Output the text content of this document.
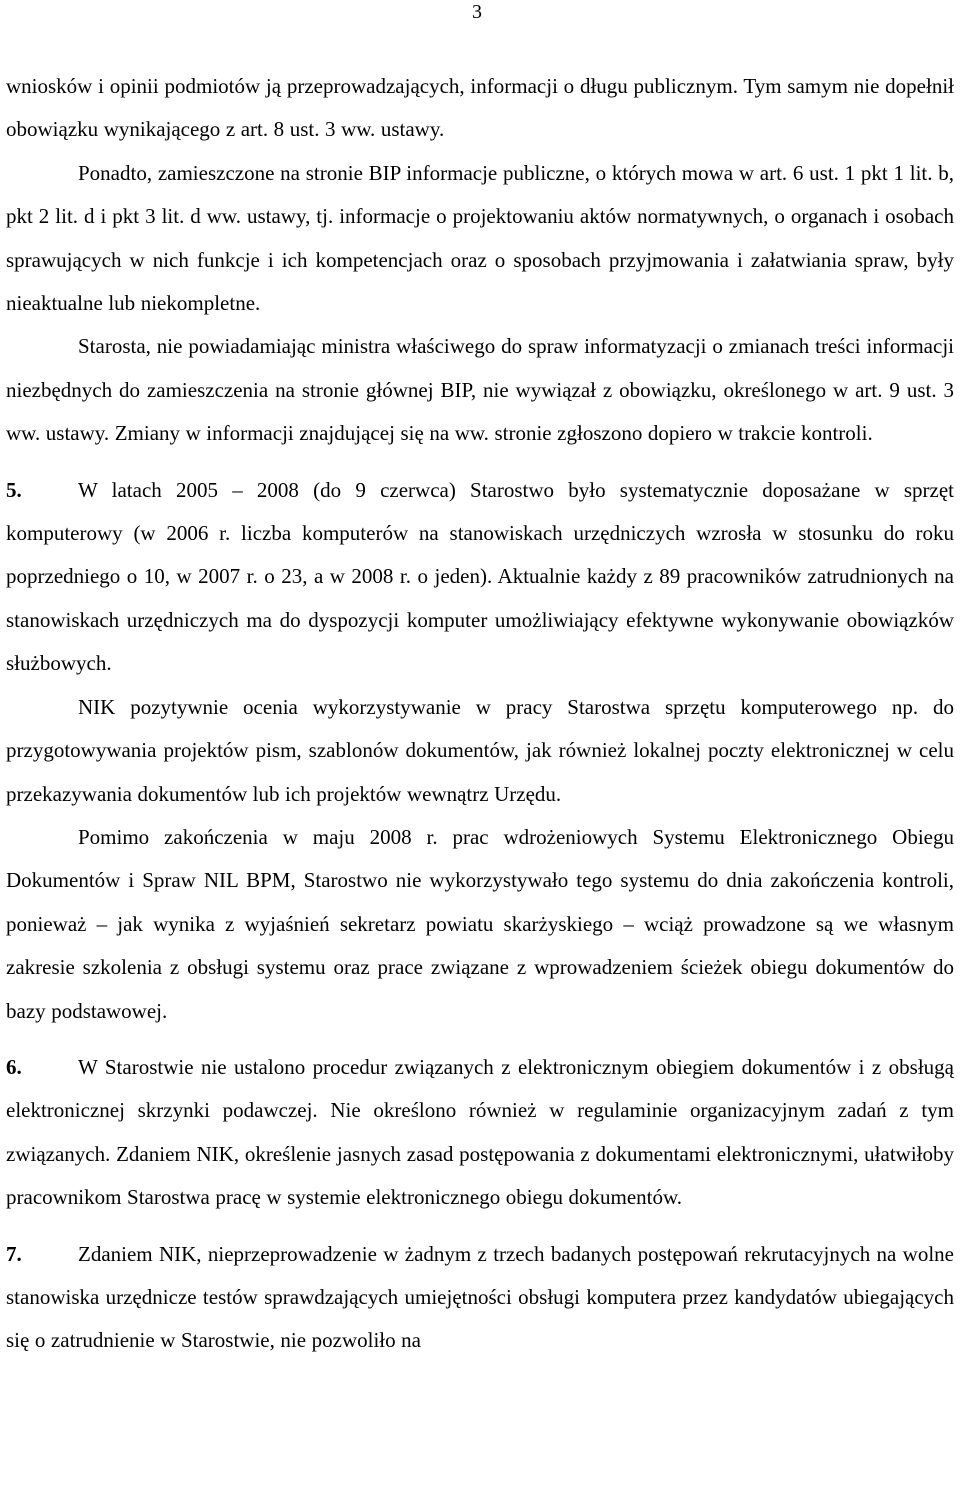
3

wniosków i opinii podmiotów ją przeprowadzających, informacji o długu publicznym. Tym samym nie dopełnił obowiązku wynikającego z art. 8 ust. 3 ww. ustawy.

Ponadto, zamieszczone na stronie BIP informacje publiczne, o których mowa w art. 6 ust. 1 pkt 1 lit. b, pkt 2 lit. d i pkt 3 lit. d ww. ustawy, tj. informacje o projektowaniu aktów normatywnych, o organach i osobach sprawujących w nich funkcje i ich kompetencjach oraz o sposobach przyjmowania i załatwiania spraw, były nieaktualne lub niekompletne.

Starosta, nie powiadamiając ministra właściwego do spraw informatyzacji o zmianach treści informacji niezbędnych do zamieszczenia na stronie głównej BIP, nie wywiązał z obowiązku, określonego w art. 9 ust. 3 ww. ustawy. Zmiany w informacji znajdującej się na ww. stronie zgłoszono dopiero w trakcie kontroli.

5.	W latach 2005 – 2008 (do 9 czerwca) Starostwo było systematycznie doposażane w sprzęt komputerowy (w 2006 r. liczba komputerów na stanowiskach urzędniczych wzrosła w stosunku do roku poprzedniego o 10, w 2007 r. o 23, a w 2008 r. o jeden). Aktualnie każdy z 89 pracowników zatrudnionych na stanowiskach urzędniczych ma do dyspozycji komputer umożliwiający efektywne wykonywanie obowiązków służbowych.

NIK pozytywnie ocenia wykorzystywanie w pracy Starostwa sprzętu komputerowego np. do przygotowywania projektów pism, szablonów dokumentów, jak również lokalnej poczty elektronicznej w celu przekazywania dokumentów lub ich projektów wewnątrz Urzędu.

Pomimo zakończenia w maju 2008 r. prac wdrożeniowych Systemu Elektronicznego Obiegu Dokumentów i Spraw NIL BPM, Starostwo nie wykorzystywało tego systemu do dnia zakończenia kontroli, ponieważ – jak wynika z wyjaśnień sekretarz powiatu skarżyskiego – wciąż prowadzone są we własnym zakresie szkolenia z obsługi systemu oraz prace związane z wprowadzeniem ścieżek obiegu dokumentów do bazy podstawowej.

6.	W Starostwie nie ustalono procedur związanych z elektronicznym obiegiem dokumentów i z obsługą elektronicznej skrzynki podawczej. Nie określono również w regulaminie organizacyjnym zadań z tym związanych. Zdaniem NIK, określenie jasnych zasad postępowania z dokumentami elektronicznymi, ułatwiłoby pracownikom Starostwa pracę w systemie elektronicznego obiegu dokumentów.

7.	Zdaniem NIK, nieprzeprowadzenie w żadnym z trzech badanych postępowań rekrutacyjnych na wolne stanowiska urzędnicze testów sprawdzających umiejętności obsługi komputera przez kandydatów ubiegających się o zatrudnienie w Starostwie, nie pozwoliło na
